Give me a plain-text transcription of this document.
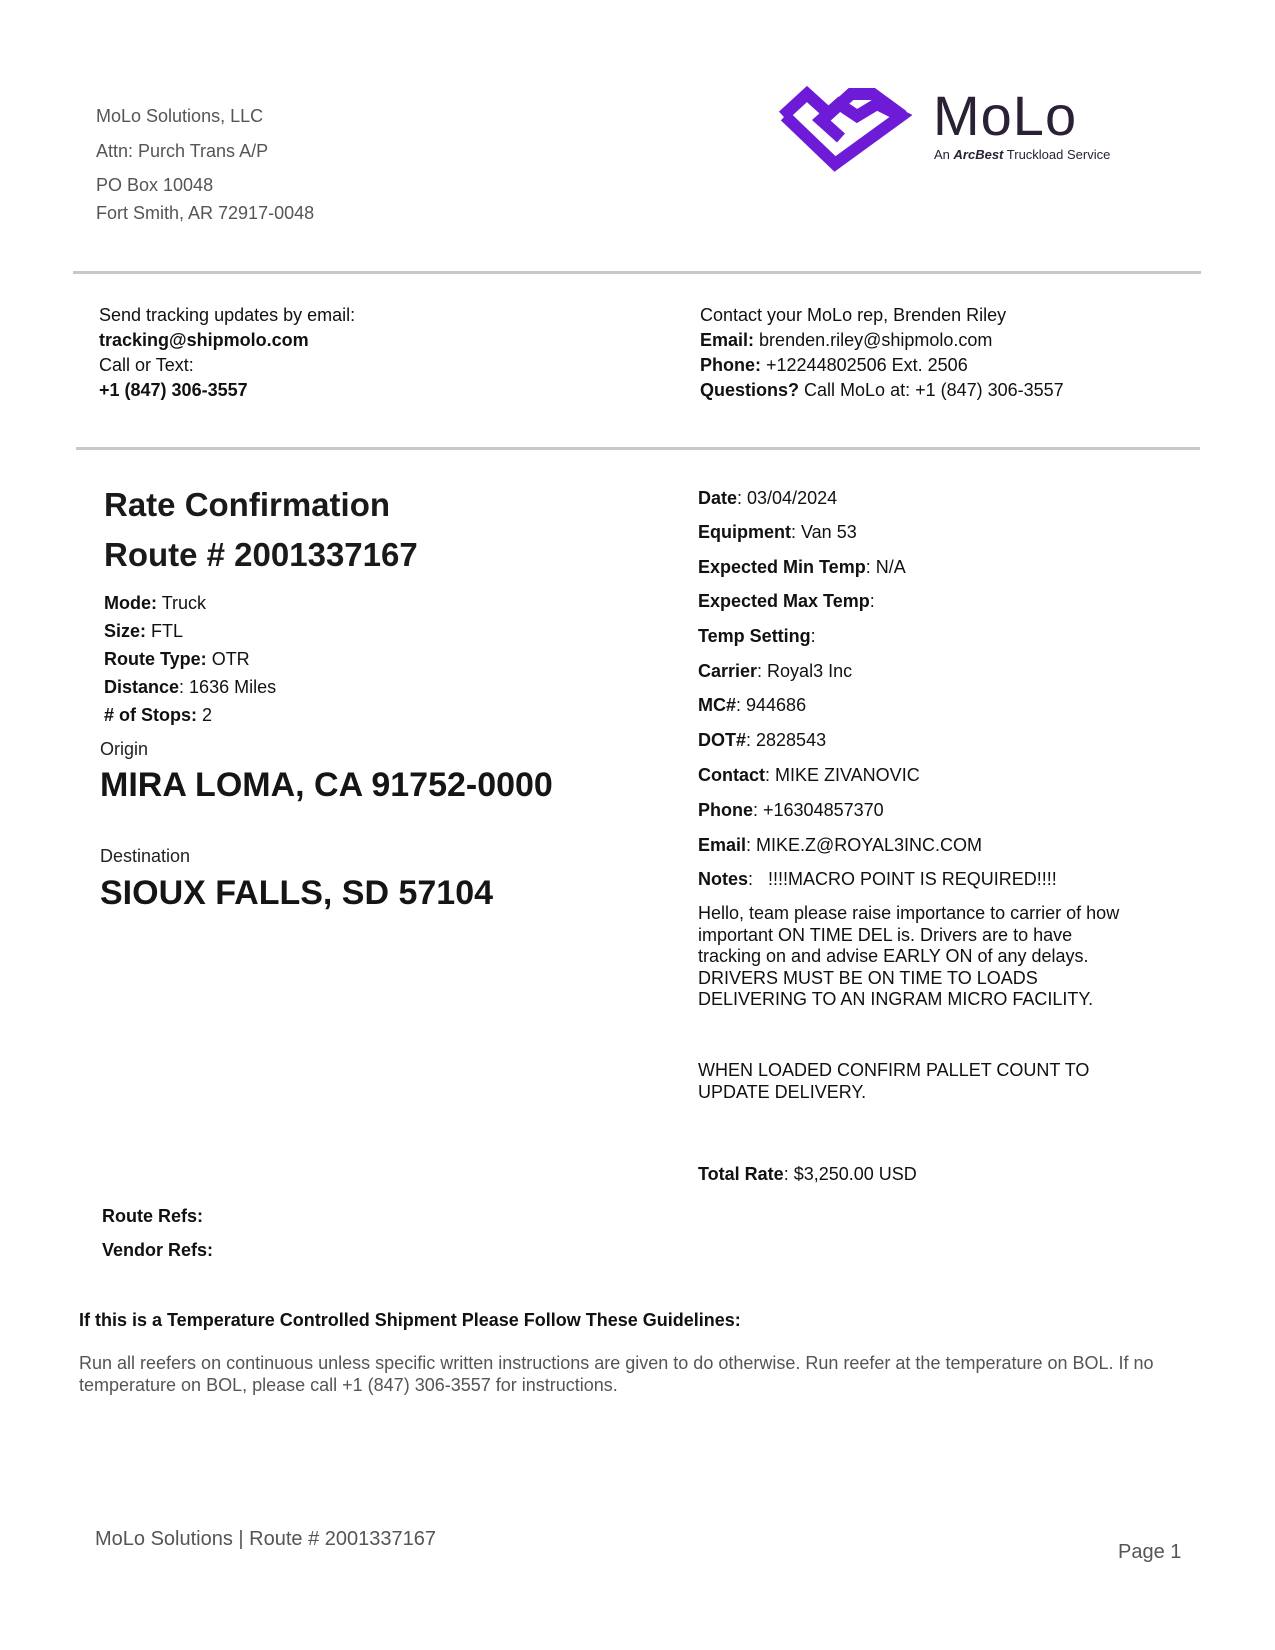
MoLo Solutions, LLC
Attn: Purch Trans A/P
PO Box 10048
Fort Smith, AR 72917-0048
MoLo
An ArcBest Truckload Service
Send tracking updates by email:
tracking@shipmolo.com
Call or Text:
+1 (847) 306-3557
Contact your MoLo rep, Brenden Riley
Email: brenden.riley@shipmolo.com
Phone: +12244802506 Ext. 2506
Questions? Call MoLo at: +1 (847) 306-3557
Rate Confirmation
Route # 2001337167
Mode: Truck
Size: FTL
Route Type: OTR
Distance: 1636 Miles
# of Stops: 2
Origin
MIRA LOMA, CA 91752-0000
Destination
SIOUX FALLS, SD 57104
Route Refs:
Vendor Refs:
Date: 03/04/2024
Equipment: Van 53
Expected Min Temp: N/A
Expected Max Temp:
Temp Setting:
Carrier: Royal3 Inc
MC#: 944686
DOT#: 2828543
Contact: MIKE ZIVANOVIC
Phone: +16304857370
Email: MIKE.Z@ROYAL3INC.COM
Notes:   !!!!MACRO POINT IS REQUIRED!!!!
Hello, team please raise importance to carrier of how important ON TIME DEL is. Drivers are to have tracking on and advise EARLY ON of any delays. DRIVERS MUST BE ON TIME TO LOADS DELIVERING TO AN INGRAM MICRO FACILITY.
WHEN LOADED CONFIRM PALLET COUNT TO UPDATE DELIVERY.
Total Rate: $3,250.00 USD
If this is a Temperature Controlled Shipment Please Follow These Guidelines:
Run all reefers on continuous unless specific written instructions are given to do otherwise. Run reefer at the temperature on BOL. If no temperature on BOL, please call +1 (847) 306-3557 for instructions.
MoLo Solutions | Route # 2001337167
Page 1
